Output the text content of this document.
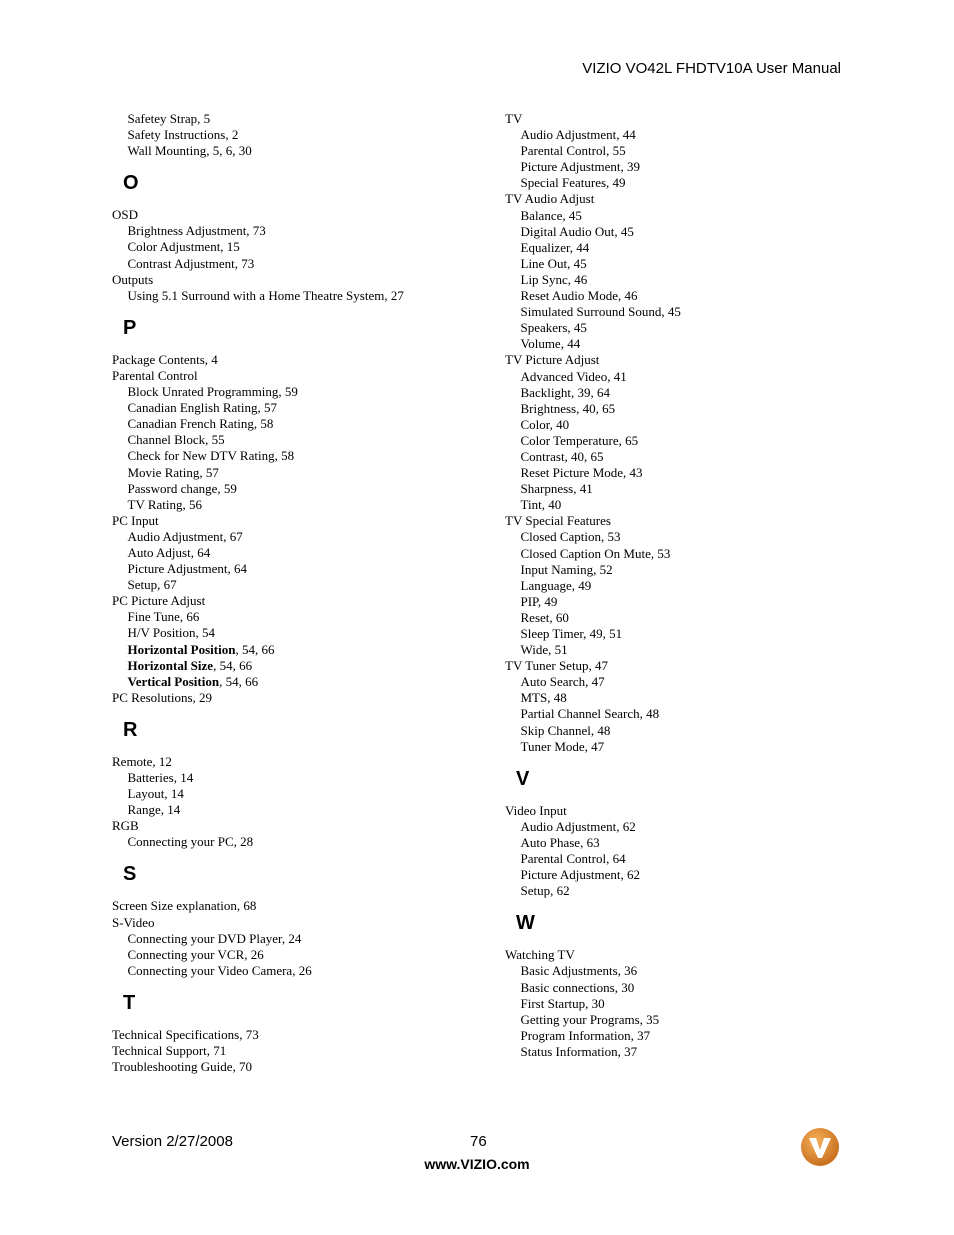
VIZIO VO42L FHDTV10A User Manual
Safetey Strap, 5
Safety Instructions, 2
Wall Mounting, 5, 6, 30
O
OSD
Brightness Adjustment, 73
Color Adjustment, 15
Contrast Adjustment, 73
Outputs
Using 5.1 Surround with a Home Theatre System, 27
P
Package Contents, 4
Parental Control
Block Unrated Programming, 59
Canadian English Rating, 57
Canadian French Rating, 58
Channel Block, 55
Check for New DTV Rating, 58
Movie Rating, 57
Password change, 59
TV Rating, 56
PC Input
Audio Adjustment, 67
Auto Adjust, 64
Picture Adjustment, 64
Setup, 67
PC Picture Adjust
Fine Tune, 66
H/V Position, 54
Horizontal Position, 54, 66
Horizontal Size, 54, 66
Vertical Position, 54, 66
PC Resolutions, 29
R
Remote, 12
Batteries, 14
Layout, 14
Range, 14
RGB
Connecting your PC, 28
S
Screen Size explanation, 68
S-Video
Connecting your DVD Player, 24
Connecting your VCR, 26
Connecting your Video Camera, 26
T
Technical Specifications, 73
Technical Support, 71
Troubleshooting Guide, 70
TV
Audio Adjustment, 44
Parental Control, 55
Picture Adjustment, 39
Special Features, 49
TV Audio Adjust
Balance, 45
Digital Audio Out, 45
Equalizer, 44
Line Out, 45
Lip Sync, 46
Reset Audio Mode, 46
Simulated Surround Sound, 45
Speakers, 45
Volume, 44
TV Picture Adjust
Advanced Video, 41
Backlight, 39, 64
Brightness, 40, 65
Color, 40
Color Temperature, 65
Contrast, 40, 65
Reset Picture Mode, 43
Sharpness, 41
Tint, 40
TV Special Features
Closed Caption, 53
Closed Caption On Mute, 53
Input Naming, 52
Language, 49
PIP, 49
Reset, 60
Sleep Timer, 49, 51
Wide, 51
TV Tuner Setup, 47
Auto Search, 47
MTS, 48
Partial Channel Search, 48
Skip Channel, 48
Tuner Mode, 47
V
Video Input
Audio Adjustment, 62
Auto Phase, 63
Parental Control, 64
Picture Adjustment, 62
Setup, 62
W
Watching TV
Basic Adjustments, 36
Basic connections, 30
First Startup, 30
Getting your Programs, 35
Program Information, 37
Status Information, 37
Version 2/27/2008	76
www.VIZIO.com
